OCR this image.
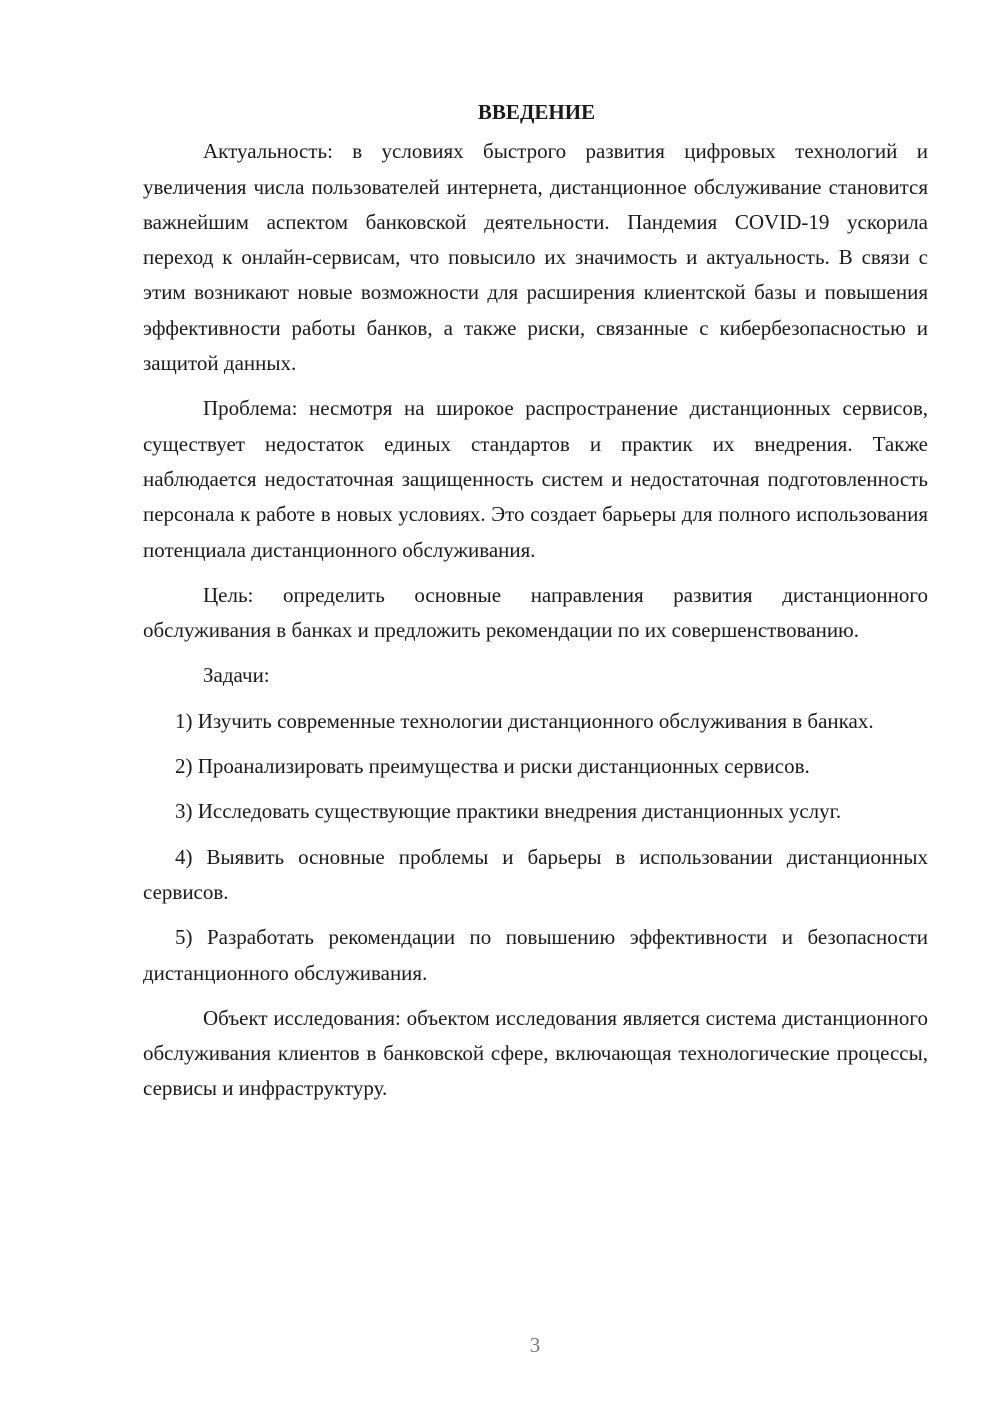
ВВЕДЕНИЕ

Актуальность: в условиях быстрого развития цифровых технологий и увеличения числа пользователей интернета, дистанционное обслуживание становится важнейшим аспектом банковской деятельности. Пандемия COVID-19 ускорила переход к онлайн-сервисам, что повысило их значимость и актуальность. В связи с этим возникают новые возможности для расширения клиентской базы и повышения эффективности работы банков, а также риски, связанные с кибербезопасностью и защитой данных.

Проблема: несмотря на широкое распространение дистанционных сервисов, существует недостаток единых стандартов и практик их внедрения. Также наблюдается недостаточная защищенность систем и недостаточная подготовленность персонала к работе в новых условиях. Это создает барьеры для полного использования потенциала дистанционного обслуживания.

Цель: определить основные направления развития дистанционного обслуживания в банках и предложить рекомендации по их совершенствованию.

Задачи:

1) Изучить современные технологии дистанционного обслуживания в банках.

2) Проанализировать преимущества и риски дистанционных сервисов.

3) Исследовать существующие практики внедрения дистанционных услуг.

4) Выявить основные проблемы и барьеры в использовании дистанционных сервисов.

5) Разработать рекомендации по повышению эффективности и безопасности дистанционного обслуживания.

Объект исследования: объектом исследования является система дистанционного обслуживания клиентов в банковской сфере, включающая технологические процессы, сервисы и инфраструктуру.

3
